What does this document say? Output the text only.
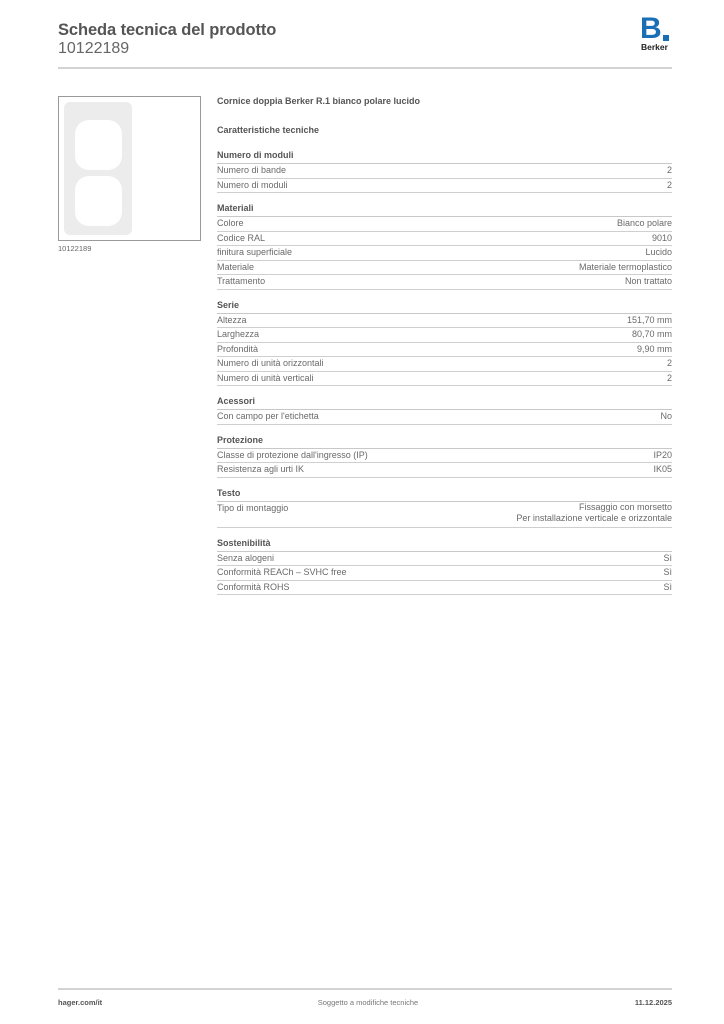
Scheda tecnica del prodotto
10122189
B
Berker
10122189
Cornice doppia Berker R.1 bianco polare lucido
Caratteristiche tecniche
Numero di moduli
Numero di bande	2
Numero di moduli	2
Materiali
Colore	Bianco polare
Codice RAL	9010
finitura superficiale	Lucido
Materiale	Materiale termoplastico
Trattamento	Non trattato
Serie
Altezza	151,70 mm
Larghezza	80,70 mm
Profondità	9,90 mm
Numero di unità orizzontali	2
Numero di unità verticali	2
Acessori
Con campo per l'etichetta	No
Protezione
Classe di protezione dall'ingresso (IP)	IP20
Resistenza agli urti IK	IK05
Testo
Tipo di montaggio	Fissaggio con morsetto
Per installazione verticale e orizzontale
Sostenibilità
Senza alogeni	Sì
Conformità REACh – SVHC free	Sì
Conformità ROHS	Sì
hager.com/it	Soggetto a modifiche tecniche	11.12.2025
